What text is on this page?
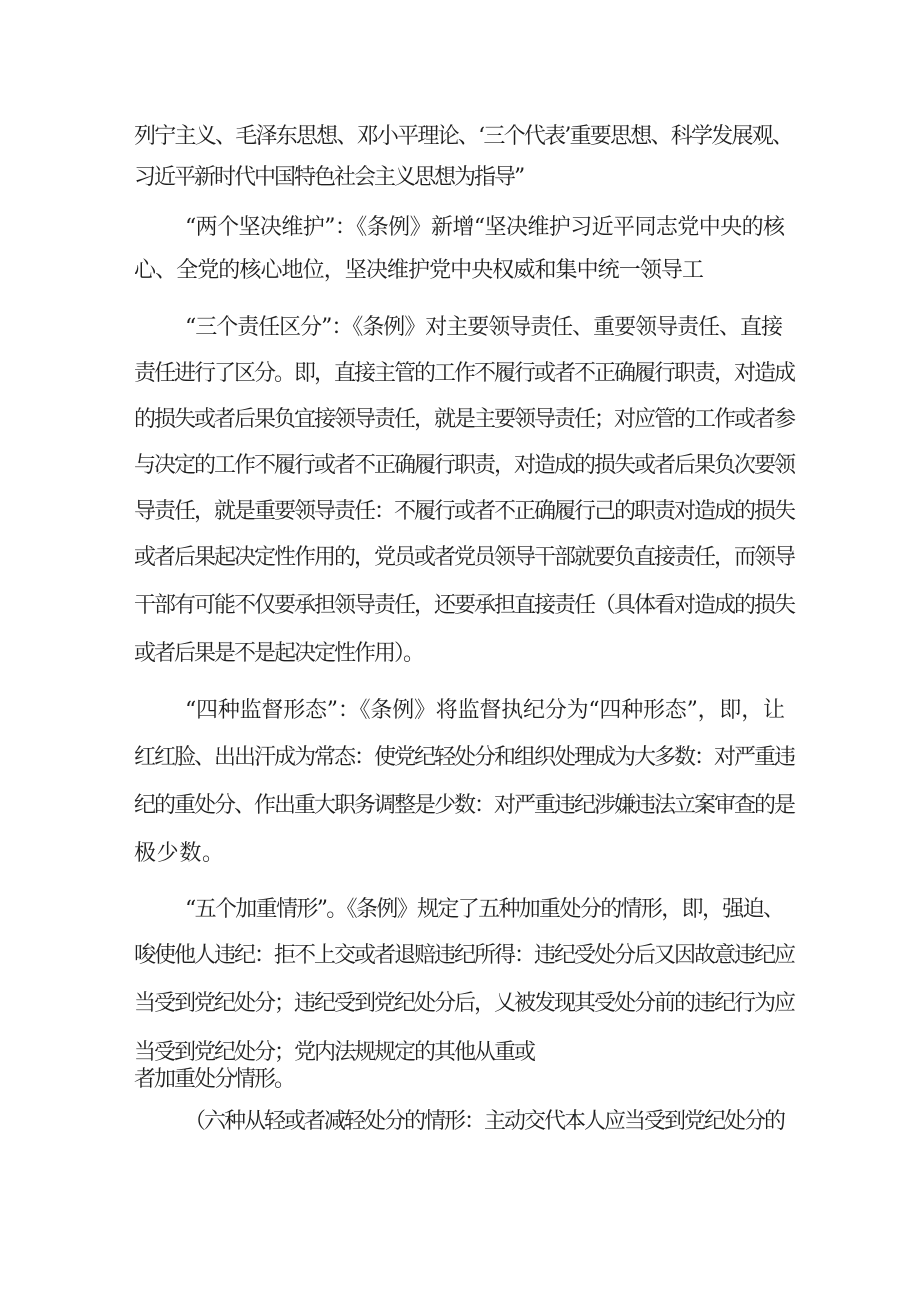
列宁主义、毛泽东思想、邓小平理论、‘三个代表’重要思想、科学发展观、
习近平新时代中国特色社会主义思想为指导”
“两个坚决维护”：《条例》新增“坚决维护习近平同志党中央的核
心、全党的核心地位，坚决维护党中央权威和集中统一领导工
“三个责任区分”：《条例》对主要领导责任、重要领导责任、直接
责任进行了区分。即，直接主管的工作不履行或者不正确履行职责，对造成
的损失或者后果负宜接领导责任，就是主要领导责任；对应管的工作或者参
与决定的工作不履行或者不正确履行职责，对造成的损失或者后果负次要领
导责任，就是重要领导责任：不履行或者不正确履行己的职责对造成的损失
或者后果起决定性作用的，党员或者党员领导干部就要负直接责任，而领导
干部有可能不仅要承担领导责任，还要承担直接责任（具体看对造成的损失
或者后果是不是起决定性作用）。
“四种监督形态”：《条例》将监督执纪分为“四种形态”，即，让
红红脸、出出汗成为常态：使党纪轻处分和组织处理成为大多数：对严重违
纪的重处分、作出重大职务调整是少数：对严重违纪涉嫌违法立案审查的是
极少数。
“五个加重情形”。《条例》规定了五种加重处分的情形，即，强迫、
唆使他人违纪：拒不上交或者退赔违纪所得：违纪受处分后又因故意违纪应
当受到党纪处分；违纪受到党纪处分后，乂被发现其受处分前的违纪行为应
当受到党纪处分；党内法规规定的其他从重或
者加重处分情形。
（六种从轻或者减轻处分的情形：主动交代本人应当受到党纪处分的
